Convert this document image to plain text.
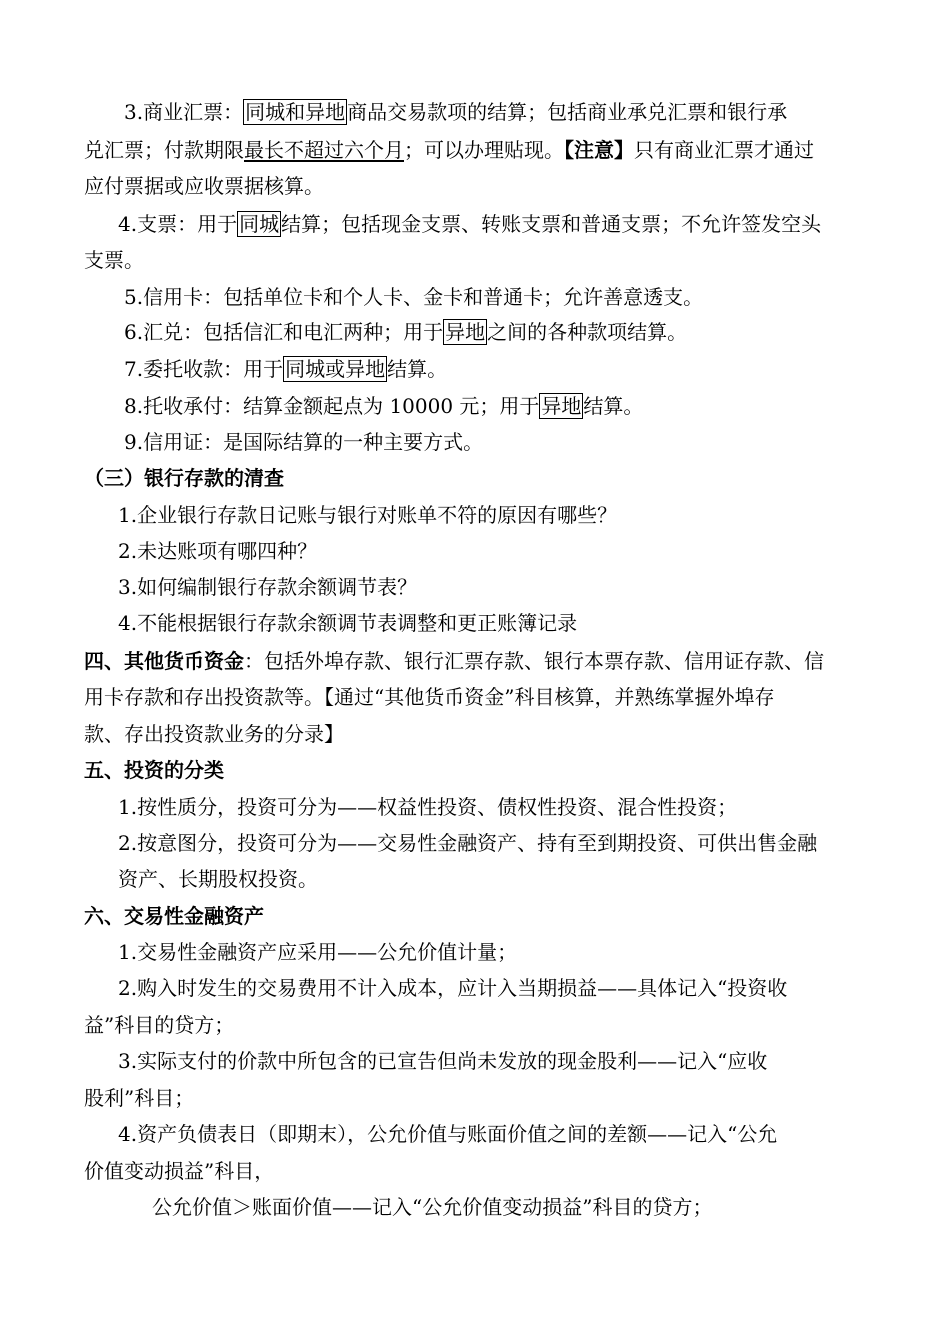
3.商业汇票： 同城和异地 商品交易款项的结算；包括商业承兑汇票和银行承
兑汇票；付款期限最长不超过六个月；可以办理贴现。【注意】只有商业汇票才通过
应付票据或应收票据核算。
4.支票：用于 同城 结算；包括现金支票、转账支票和普通支票；不允许签发空头
支票。
5.信用卡：包括单位卡和个人卡、金卡和普通卡；允许善意透支。
6.汇兑：包括信汇和电汇两种；用于 异地 之间的各种款项结算。
7.委托收款：用于 同城或异地 结算。
8.托收承付：结算金额起点为 10000 元；用于 异地 结算。
9.信用证：是国际结算的一种主要方式。
（三）银行存款的清查
1.企业银行存款日记账与银行对账单不符的原因有哪些？
2.未达账项有哪四种？
3.如何编制银行存款余额调节表？
4.不能根据银行存款余额调节表调整和更正账簿记录
四、其他货币资金：包括外埠存款、银行汇票存款、银行本票存款、信用证存款、信
用卡存款和存出投资款等。【通过“其他货币资金”科目核算，并熟练掌握外埠存
款、存出投资款业务的分录】
五、投资的分类
1.按性质分，投资可分为——权益性投资、债权性投资、混合性投资；
2.按意图分，投资可分为——交易性金融资产、持有至到期投资、可供出售金融
资产、长期股权投资。
六、交易性金融资产
1.交易性金融资产应采用——公允价值计量；
2.购入时发生的交易费用不计入成本，应计入当期损益——具体记入“投资收
益”科目的贷方；
3.实际支付的价款中所包含的已宣告但尚未发放的现金股利——记入“应收
股利”科目；
4.资产负债表日（即期末），公允价值与账面价值之间的差额——记入“公允
价值变动损益”科目，
公允价值＞账面价值——记入“公允价值变动损益”科目的贷方；
